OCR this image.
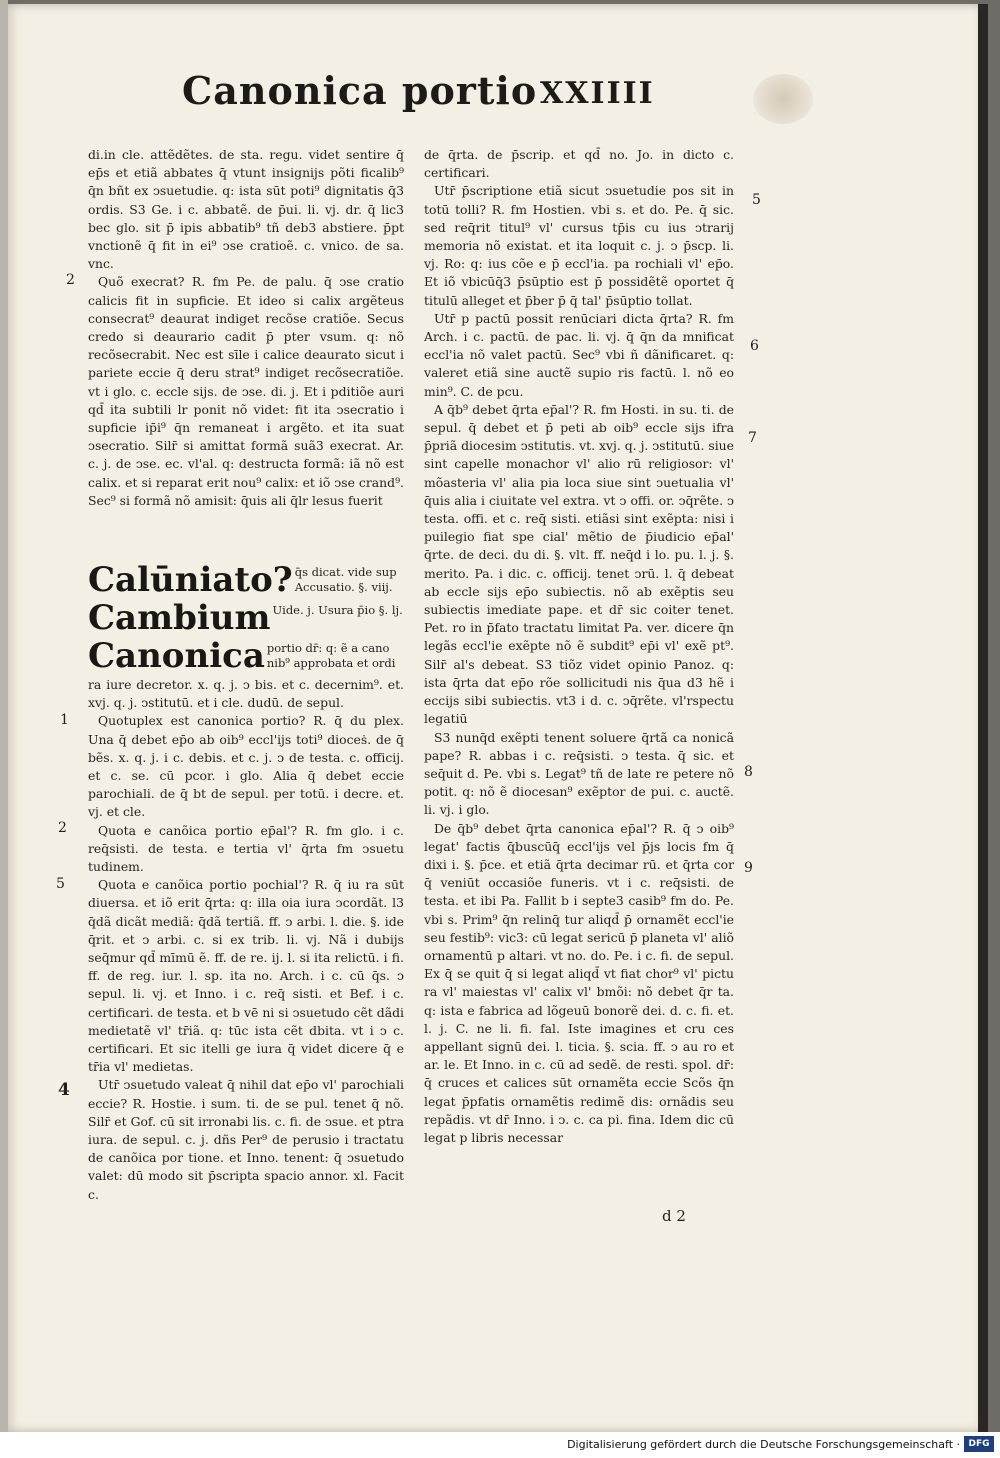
Canonica portio XXIIII

di.in cle. attẽdẽtes. de sta. regu. videt sentire q̄ ep̄s et etiã abbates q̄ vtunt insignijs põti ficalib⁹ q̄n bñt ex ↄsuetudie. q: ista sūt poti⁹ dignitatis q̄3 ordis. S3 Ge. i c. abbatẽ. de p̄ui. li. vj. dr. q̄ lic3 bec glo. sit p̄ ipis abbatib⁹ tñ deb3 abstiere. p̄pt vnctionẽ q̄ fit in ei⁹ ↄse cratioẽ. c. vnico. de sa. vnc.

Quõ execrat? R. fm Pe. de palu. q̄ ↄse cratio calicis fit in supficie. Et ideo si calix argẽteus consecrat⁹ deaurat indiget recõse cratiõe. Secus credo si deaurario cadit p̄ pter vsum. q: nõ recõsecrabit. Nec est sīle i calice deaurato sicut i pariete eccie q̄ deru strat⁹ indiget recõsecratiõe. vt i glo. c. eccle sijs. de ↄse. di. j. Et i pditiõe auri qd̄ ita subtili lr ponit nõ videt: fit ita ↄsecratio i supficie ip̄i⁹ q̄n remaneat i argẽto. et ita suat ↄsecratio. Silr̄ si amittat formã suã3 execrat. Ar. c. j. de ↄse. ec. vl'al. q: destructa formã: iã nõ est calix. et si reparat erit nou⁹ calix: et iõ ↄse crand⁹. Sec⁹ si formã nõ amisit: q̄uis ali q̄lr lesus fuerit

Calūniato? q̄s dicat. vide sup Accusatio. §. viij.
Cambium Uide. j. Usura p̄io §. lj.
Canonica portio dr̄: q: ẽ a cano nib⁹ approbata et ordi

ra iure decretor. x. q. j. ↄ bis. et c. decernim⁹. et. xvj. q. j. ↄstitutū. et i cle. dudū. de sepul.

Quotuplex est canonica portio? R. q̄ du plex. Una q̄ debet ep̄o ab oib⁹ eccl'ijs toti⁹ dioceṡ. de q̄ bẽs. x. q. j. i c. debis. et c. j. ↄ de testa. c. officij. et c. se. cū pcor. i glo. Alia q̄ debet eccie parochiali. de q̄ bt de sepul. per totū. i decre. et. vj. et cle.

Quota e canõica portio ep̄al'? R. fm glo. i c. req̄sisti. de testa. e tertia vl' q̄rta fm ↄsuetu tudinem.

Quota e canõica portio pochial'? R. q̄ iu ra sūt diuersa. et iõ erit q̄rta: q: illa oia iura ↄcordãt. l3 q̄dã dicãt mediã: q̄dã tertiã. ff. ↄ arbi. l. die. §. ide q̄rit. et ↄ arbi. c. si ex trib. li. vj. Nã i dubijs seq̄mur qd̄ mīmū ẽ. ff. de re. ij. l. si ita relictū. i fi. ff. de reg. iur. l. sp. ita no. Arch. i c. cū q̄s. ↄ sepul. li. vj. et Inno. i c. req̄ sisti. et Bef. i c. certificari. de testa. et b vē ni si ↄsuetudo cẽt dãdi medietatẽ vl' tr̄iã. q: tūc ista cẽt dbita. vt i ↄ c. certificari. Et sic itelli ge iura q̄ videt dicere q̄ e tr̄ia vl' medietas.

Utr̄ ↄsuetudo valeat q̄ nihil dat ep̄o vl' parochiali eccie? R. Hostie. i sum. ti. de se pul. tenet q̄ nõ. Silr̄ et Gof. cū sit irronabi lis. c. fi. de ↄsue. et ptra iura. de sepul. c. j. dñs Per⁹ de perusio i tractatu de canõica por tione. et Inno. tenent: q̄ ↄsuetudo valet: dū modo sit p̄scripta spacio annor. xl. Facit c.

de q̄rta. de p̄scrip. et qd̄ no. Jo. in dicto c. certificari.

Utr̄ p̄scriptione etiã sicut ↄsuetudie pos sit in totū tolli? R. fm Hostien. vbi s. et do. Pe. q̄ sic. sed req̄rit titul⁹ vl' cursus tp̄is cu ius ↄtrarij memoria nõ existat. et ita loquit c. j. ↄ p̄scp. li. vj. Ro: q: ius cõe e p̄ eccl'ia. pa rochiali vl' ep̄o. Et iõ vbicūq̄3 p̄sūptio est p̄ possidẽtẽ oportet q̄ titulū alleget et p̄ber p̄ q̄ tal' p̄sūptio tollat.

Utr̄ p pactū possit renūciari dicta q̄rta? R. fm Arch. i c. pactū. de pac. li. vj. q̄ q̄n da mnificat eccl'ia nõ valet pactū. Sec⁹ vbi ñ dãnificaret. q: valeret etiã sine auctẽ supio ris factū. l. nõ eo min⁹. C. de pcu.

A q̄b⁹ debet q̄rta ep̄al'? R. fm Hosti. in su. ti. de sepul. q̄ debet et p̄ peti ab oib⁹ eccle sijs ifra p̄priã diocesim ↄstitutis. vt. xvj. q. j. ↄstitutū. siue sint capelle monachor vl' alio rū religiosor: vl' mõasteria vl' alia pia loca siue sint ↄuetualia vl' q̄uis alia i ciuitate vel extra. vt ↄ offi. or. ↄq̄rẽte. ↄ testa. offi. et c. req̄ sisti. etiãsi sint exẽpta: nisi i puilegio fiat spe cial' mẽtio de p̄iudicio ep̄al' q̄rte. de deci. du di. §. vlt. ff. neq̄d i lo. pu. l. j. §. merito. Pa. i dic. c. officij. tenet ↄrū. l. q̄ debeat ab eccle sijs ep̄o subiectis. nõ ab exẽptis seu subiectis imediate pape. et dr̄ sic coiter tenet. Pet. ro in p̄fato tractatu limitat Pa. ver. dicere q̄n legãs eccl'ie exẽpte nõ ẽ subdit⁹ ep̄i vl' exẽ pt⁹. Silr̄ al's debeat. S3 tiõz videt opinio Panoz. q: ista q̄rta dat ep̄o rõe sollicitudi nis q̄ua d3 hẽ i eccijs sibi subiectis. vt3 i d. c. ↄq̄rẽte. vl'rspectu legatiū

S3 nunq̄d exẽpti tenent soluere q̄rtã ca nonicã pape? R. abbas i c. req̄sisti. ↄ testa. q̄ sic. et seq̄uit d. Pe. vbi s. Legat⁹ tñ de late re petere nõ potit. q: nõ ẽ diocesan⁹ exẽptor de pui. c. auctẽ. li. vj. i glo.

De q̄b⁹ debet q̄rta canonica ep̄al'? R. q̄ ↄ oib⁹ legat' factis q̄buscūq̄ eccl'ijs vel p̄js locis fm q̄ dixi i. §. p̄ce. et etiã q̄rta decimar rū. et q̄rta cor q̄ veniūt occasiõe funeris. vt i c. req̄sisti. de testa. et ibi Pa. Fallit b i septe3 casib⁹ fm do. Pe. vbi s. Prim⁹ q̄n relinq̄ tur aliqd̄ p̄ ornamẽt eccl'ie seu festib⁹: vic3: cū legat sericū p̄ planeta vl' aliõ ornamentū p altari. vt no. do. Pe. i c. fi. de sepul. Ex q̄ se quit q̄ si legat aliqd̄ vt fiat chor⁹ vl' pictu ra vl' maiestas vl' calix vl' bmõi: nõ debet q̄r ta. q: ista e fabrica ad lõgeuū bonorẽ dei. d. c. fi. et. l. j. C. ne li. fi. fal. Iste imagines et cru ces appellant signū dei. l. ticia. §. scia. ff. ↄ au ro et ar. le. Et Inno. in c. cū ad sedẽ. de resti. spol. dr̄: q̄ cruces et calices sūt ornamẽta eccie Scõs q̄n legat p̄pfatis ornamẽtis redimẽ dis: ornãdis seu repãdis. vt dr̄ Inno. i ↄ. c. ca pi. fina. Idem dic cū legat p libris necessar

2
1
2
5
4
5
6
7
8
9
d 2
Digitalisierung gefördert durch die Deutsche Forschungsgemeinschaft · DFG
